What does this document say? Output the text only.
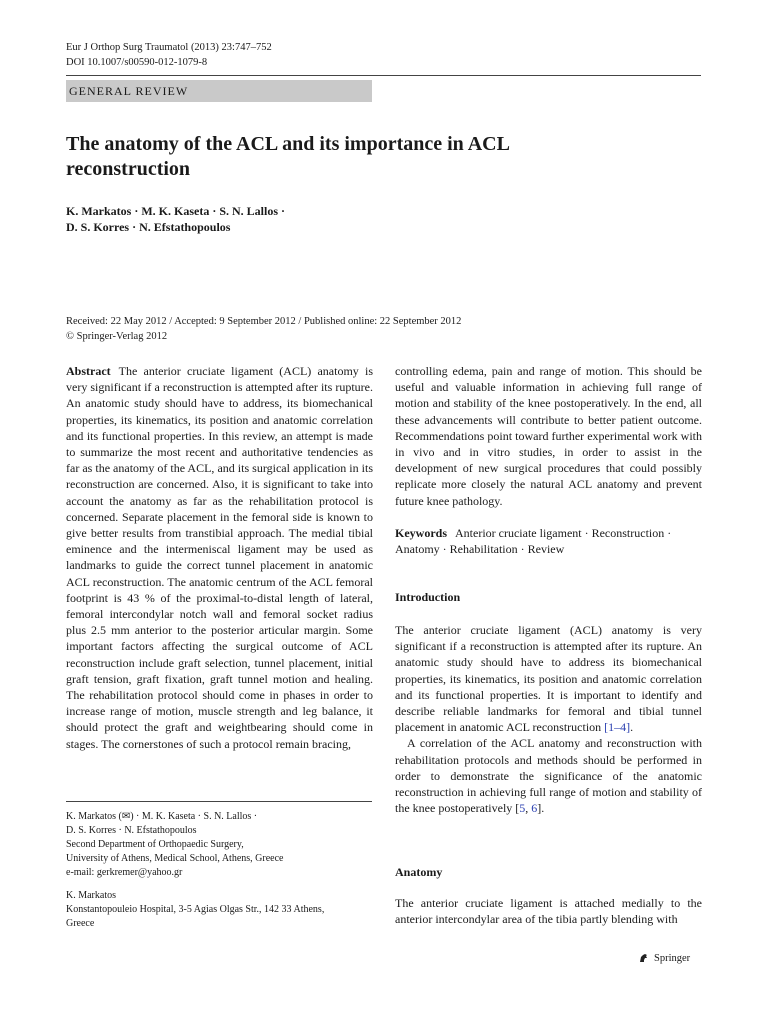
Eur J Orthop Surg Traumatol (2013) 23:747–752
DOI 10.1007/s00590-012-1079-8
GENERAL REVIEW
The anatomy of the ACL and its importance in ACL reconstruction
K. Markatos · M. K. Kaseta · S. N. Lallos ·
D. S. Korres · N. Efstathopoulos
Received: 22 May 2012 / Accepted: 9 September 2012 / Published online: 22 September 2012
© Springer-Verlag 2012
Abstract The anterior cruciate ligament (ACL) anatomy is very significant if a reconstruction is attempted after its rupture. An anatomic study should have to address, its biomechanical properties, its kinematics, its position and anatomic correlation and its functional properties. In this review, an attempt is made to summarize the most recent and authoritative tendencies as far as the anatomy of the ACL, and its surgical application in its reconstruction are concerned. Also, it is significant to take into account the anatomy as far as the rehabilitation protocol is concerned. Separate placement in the femoral side is known to give better results from transtibial approach. The medial tibial eminence and the intermeniscal ligament may be used as landmarks to guide the correct tunnel placement in anatomic ACL reconstruction. The anatomic centrum of the ACL femoral footprint is 43 % of the proximal-to-distal length of lateral, femoral intercondylar notch wall and femoral socket radius plus 2.5 mm anterior to the posterior articular margin. Some important factors affecting the surgical outcome of ACL reconstruction include graft selection, tunnel placement, initial graft tension, graft fixation, graft tunnel motion and healing. The rehabilitation protocol should come in phases in order to increase range of motion, muscle strength and leg balance, it should protect the graft and weightbearing should come in stages. The cornerstones of such a protocol remain bracing,
controlling edema, pain and range of motion. This should be useful and valuable information in achieving full range of motion and stability of the knee postoperatively. In the end, all these advancements will contribute to better patient outcome. Recommendations point toward further experimental work with in vivo and in vitro studies, in order to assist in the development of new surgical procedures that could possibly replicate more closely the natural ACL anatomy and prevent future knee pathology.
Keywords Anterior cruciate ligament · Reconstruction · Anatomy · Rehabilitation · Review
Introduction

The anterior cruciate ligament (ACL) anatomy is very significant if a reconstruction is attempted after its rupture. An anatomic study should have to address its biomechanical properties, its kinematics, its position and anatomic correlation and its functional properties. It is important to identify and describe reliable landmarks for femoral and tibial tunnel placement in anatomic ACL reconstruction [1–4].

A correlation of the ACL anatomy and reconstruction with rehabilitation protocols and methods should be performed in order to demonstrate the significance of the anatomic reconstruction in achieving full range of motion and stability of the knee postoperatively [5, 6].

Anatomy
The anterior cruciate ligament is attached medially to the anterior intercondylar area of the tibia partly blending with
K. Markatos (✉) · M. K. Kaseta · S. N. Lallos ·
D. S. Korres · N. Efstathopoulos
Second Department of Orthopaedic Surgery,
University of Athens, Medical School, Athens, Greece
e-mail: gerkremer@yahoo.gr
K. Markatos
Konstantopouleio Hospital, 3-5 Agias Olgas Str., 142 33 Athens,
Greece
Springer
